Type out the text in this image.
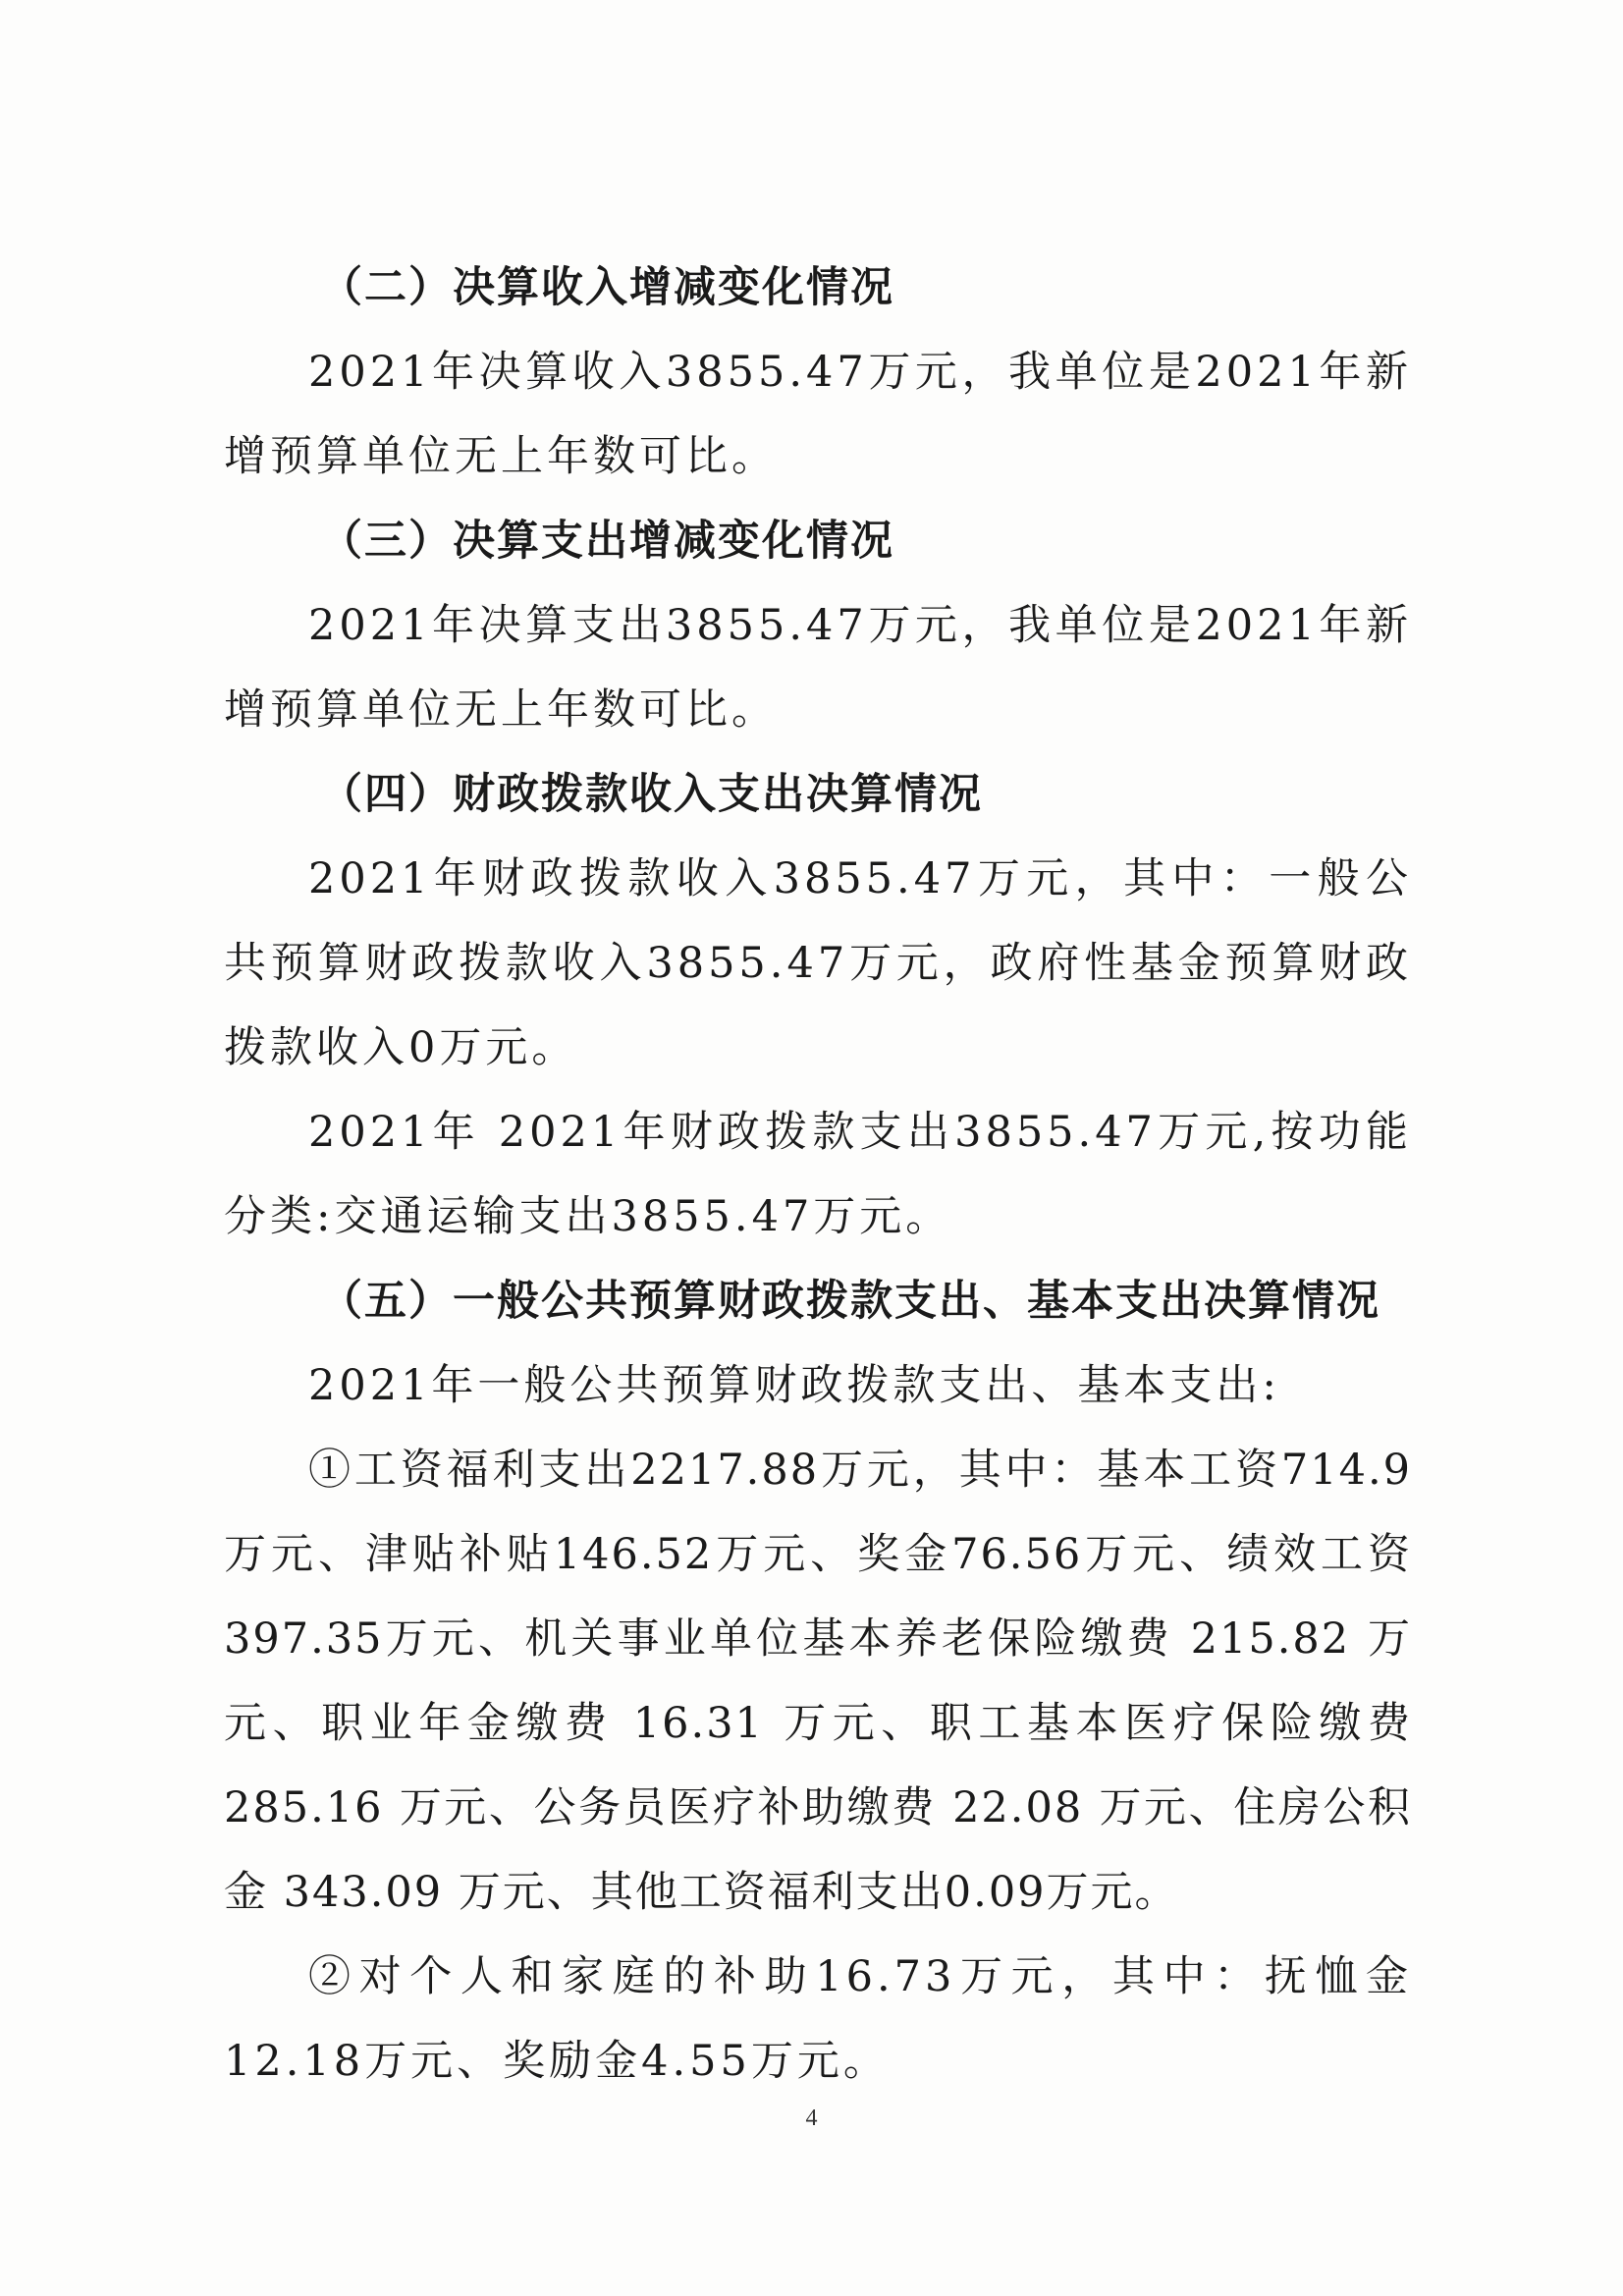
（二）决算收入增减变化情况

2021年决算收入3855.47万元，我单位是2021年新增预算单位无上年数可比。

（三）决算支出增减变化情况

2021年决算支出3855.47万元，我单位是2021年新增预算单位无上年数可比。

（四）财政拨款收入支出决算情况

2021年财政拨款收入3855.47万元，其中：一般公共预算财政拨款收入3855.47万元，政府性基金预算财政拨款收入0万元。

2021年 2021年财政拨款支出3855.47万元,按功能分类:交通运输支出3855.47万元。

（五）一般公共预算财政拨款支出、基本支出决算情况

2021年一般公共预算财政拨款支出、基本支出:

①工资福利支出2217.88万元，其中：基本工资714.9万元、津贴补贴146.52万元、奖金76.56万元、绩效工资397.35万元、机关事业单位基本养老保险缴费 215.82 万元、职业年金缴费 16.31 万元、职工基本医疗保险缴费 285.16 万元、公务员医疗补助缴费 22.08 万元、住房公积金 343.09 万元、其他工资福利支出0.09万元。

②对个人和家庭的补助16.73万元，其中：抚恤金12.18万元、奖励金4.55万元。

4
